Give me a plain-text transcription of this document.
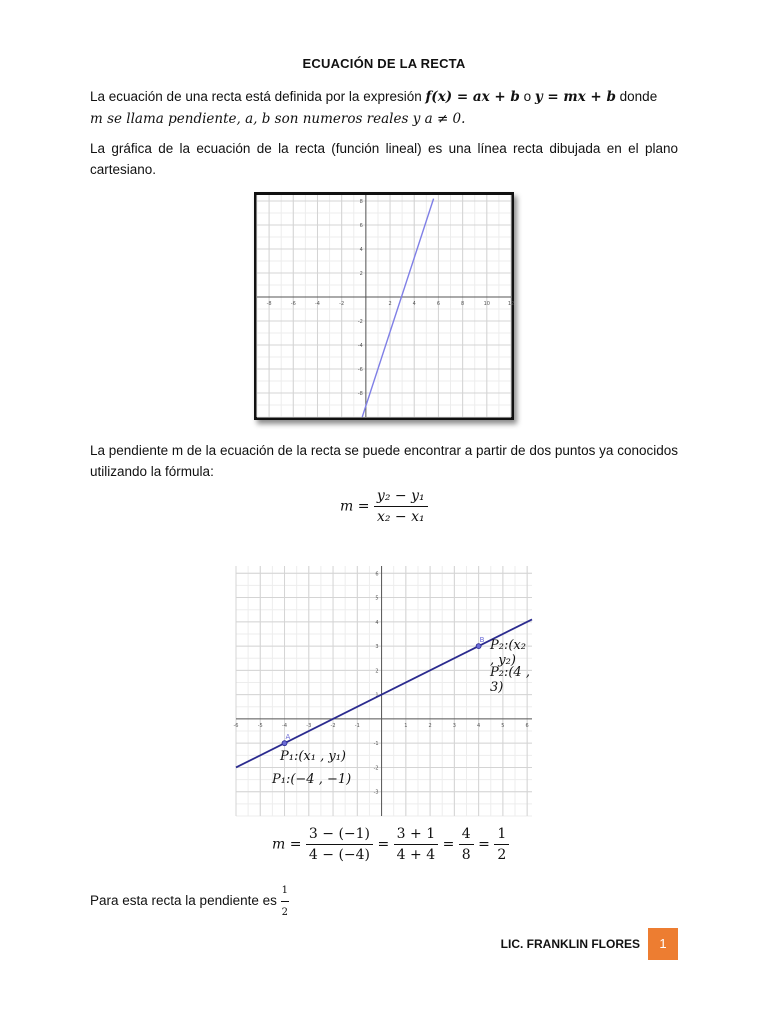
ECUACIÓN DE LA RECTA
La ecuación de una recta está definida por la expresión f(x) = ax + b o y = mx + b donde
m se llama pendiente, a, b son numeros reales y a ≠ 0.
La gráfica de la ecuación de la recta (función lineal) es una línea recta dibujada en el plano cartesiano.
-8	-6	-4	-2	2	4	6	8	10	12
-8
-6
-4
-2
2
4
6
8
La pendiente m de la ecuación de la recta se puede encontrar a partir de dos puntos ya conocidos utilizando la fórmula:
$m = \frac{\text{y₂ − y₁}}{\text{x₂ − x₁}}$
-6	-5	-4	-3	-2	-1	1	2	3	4	5	6
-3
-2
-1
1
2
3
4
5
6
A
B P₂:(x₂ , y₂)
P₂:(4 , 3)
P₁:(x₁ , y₁)
P₁:(−4 , −1)
$m = \frac{3 - (-1)}{4 - (-4)} = \frac{3 + 1}{4 + 4} = \frac{4}{8} = \frac{1}{2}$
Para esta recta la pendiente es $\frac{1}{2}$
LIC. FRANKLIN FLORES	1
